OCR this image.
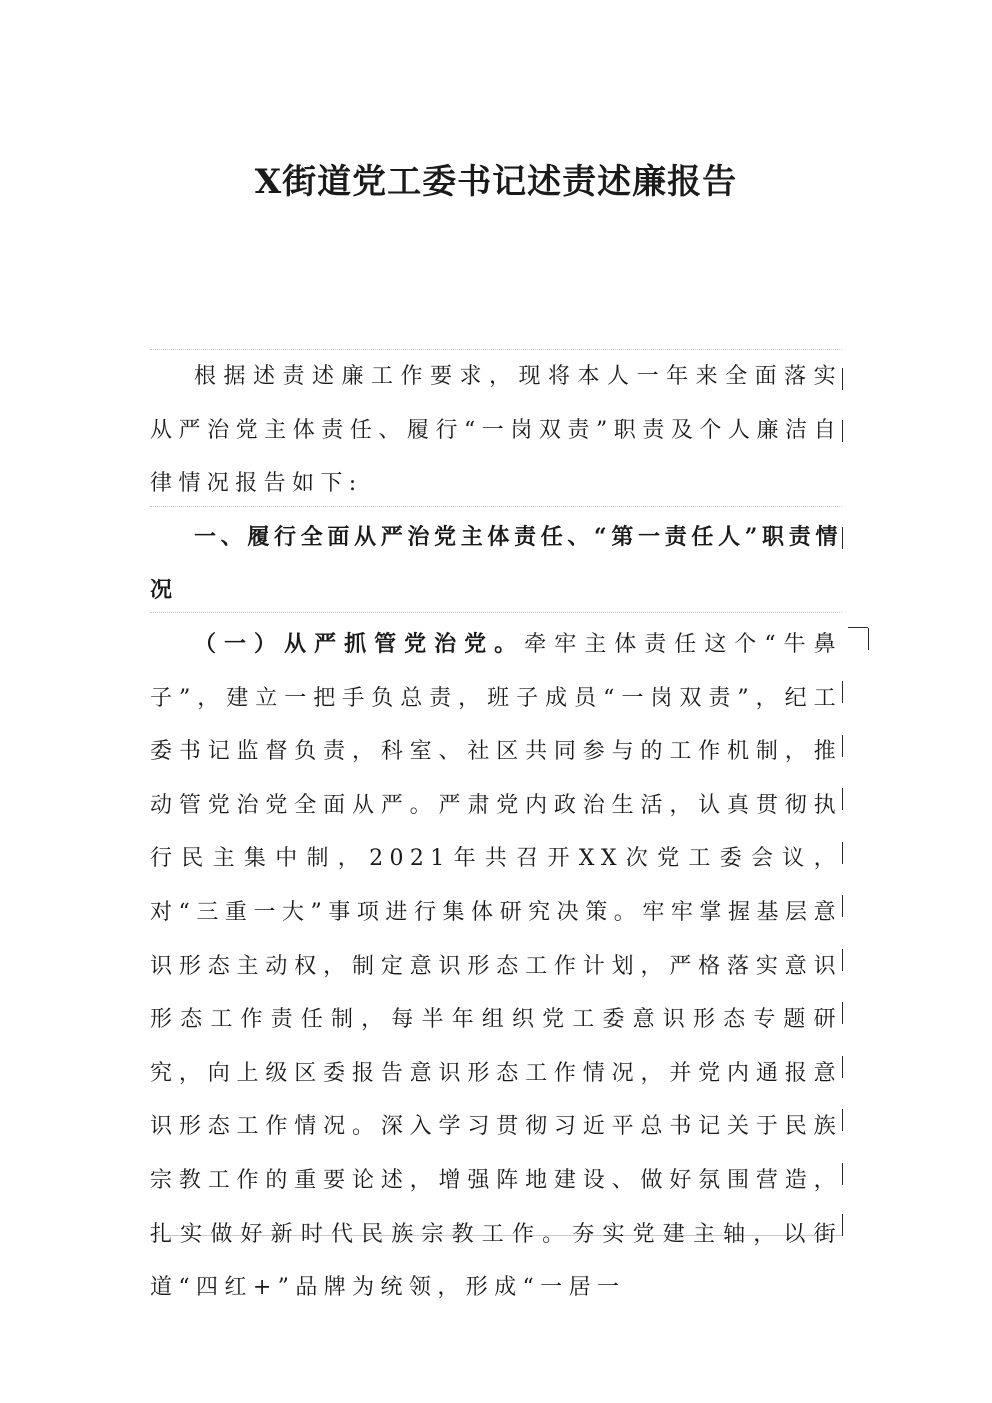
X街道党工委书记述责述廉报告

根据述责述廉工作要求，现将本人一年来全面落实从严治党主体责任、履行“一岗双责”职责及个人廉洁自律情况报告如下:

一、履行全面从严治党主体责任、“第一责任人”职责情况

（一）从严抓管党治党。牵牢主体责任这个“牛鼻子”，建立一把手负总责，班子成员“一岗双责”，纪工委书记监督负责，科室、社区共同参与的工作机制，推动管党治党全面从严。严肃党内政治生活，认真贯彻执行民主集中制，2021年共召开XX次党工委会议，对“三重一大”事项进行集体研究决策。牢牢掌握基层意识形态主动权，制定意识形态工作计划，严格落实意识形态工作责任制，每半年组织党工委意识形态专题研究，向上级区委报告意识形态工作情况，并党内通报意识形态工作情况。深入学习贯彻习近平总书记关于民族宗教工作的重要论述，增强阵地建设、做好氛围营造，扎实做好新时代民族宗教工作。夯实党建主轴，以街道“四红+”品牌为统领，形成“一居一
